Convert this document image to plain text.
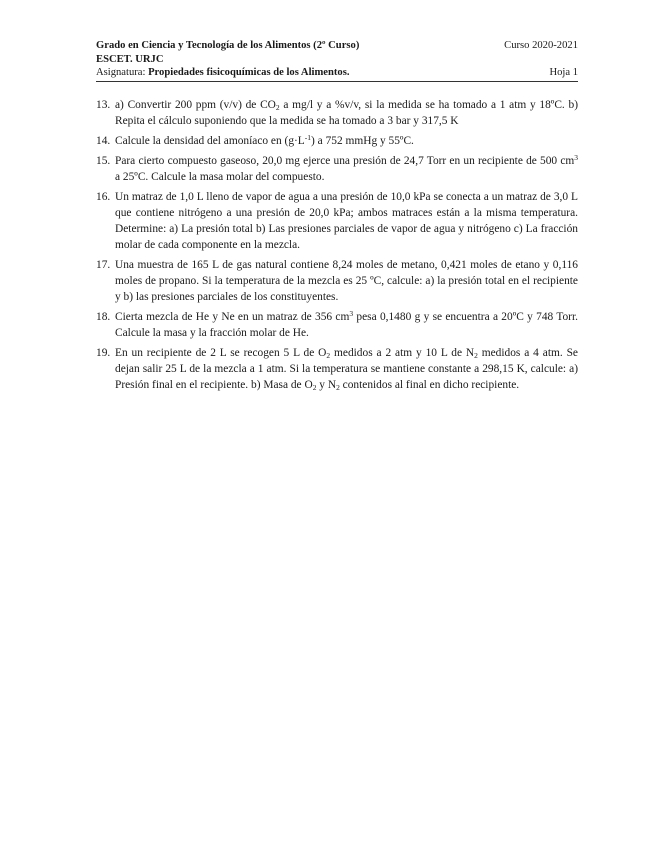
Grado en Ciencia y Tecnología de los Alimentos (2º Curso)	Curso 2020-2021
ESCET. URJC
Asignatura: Propiedades fisicoquímicas de los Alimentos.	Hoja 1
13. a) Convertir 200 ppm (v/v) de $CO_2$ a mg/l y a %v/v, si la medida se ha tomado a 1 atm y 18ºC. b) Repita el cálculo suponiendo que la medida se ha tomado a 3 bar y 317,5 K
14. Calcule la densidad del amoníaco en $(g\cdot L^{-1})$ a 752 mmHg y 55ºC.
15. Para cierto compuesto gaseoso, 20,0 mg ejerce una presión de 24,7 Torr en un recipiente de 500 $cm^3$ a 25ºC. Calcule la masa molar del compuesto.
16. Un matraz de 1,0 L lleno de vapor de agua a una presión de 10,0 kPa se conecta a un matraz de 3,0 L que contiene nitrógeno a una presión de 20,0 kPa; ambos matraces están a la misma temperatura. Determine: a) La presión total b) Las presiones parciales de vapor de agua y nitrógeno c) La fracción molar de cada componente en la mezcla.
17. Una muestra de 165 L de gas natural contiene 8,24 moles de metano, 0,421 moles de etano y 0,116 moles de propano. Si la temperatura de la mezcla es 25 ºC, calcule: a) la presión total en el recipiente y b) las presiones parciales de los constituyentes.
18. Cierta mezcla de He y Ne en un matraz de 356 $cm^3$ pesa 0,1480 g y se encuentra a 20ºC y 748 Torr. Calcule la masa y la fracción molar de He.
19. En un recipiente de 2 L se recogen 5 L de $O_2$ medidos a 2 atm y 10 L de $N_2$ medidos a 4 atm. Se dejan salir 25 L de la mezcla a 1 atm. Si la temperatura se mantiene constante a 298,15 K, calcule: a) Presión final en el recipiente. b) Masa de $O_2$ y $N_2$ contenidos al final en dicho recipiente.
